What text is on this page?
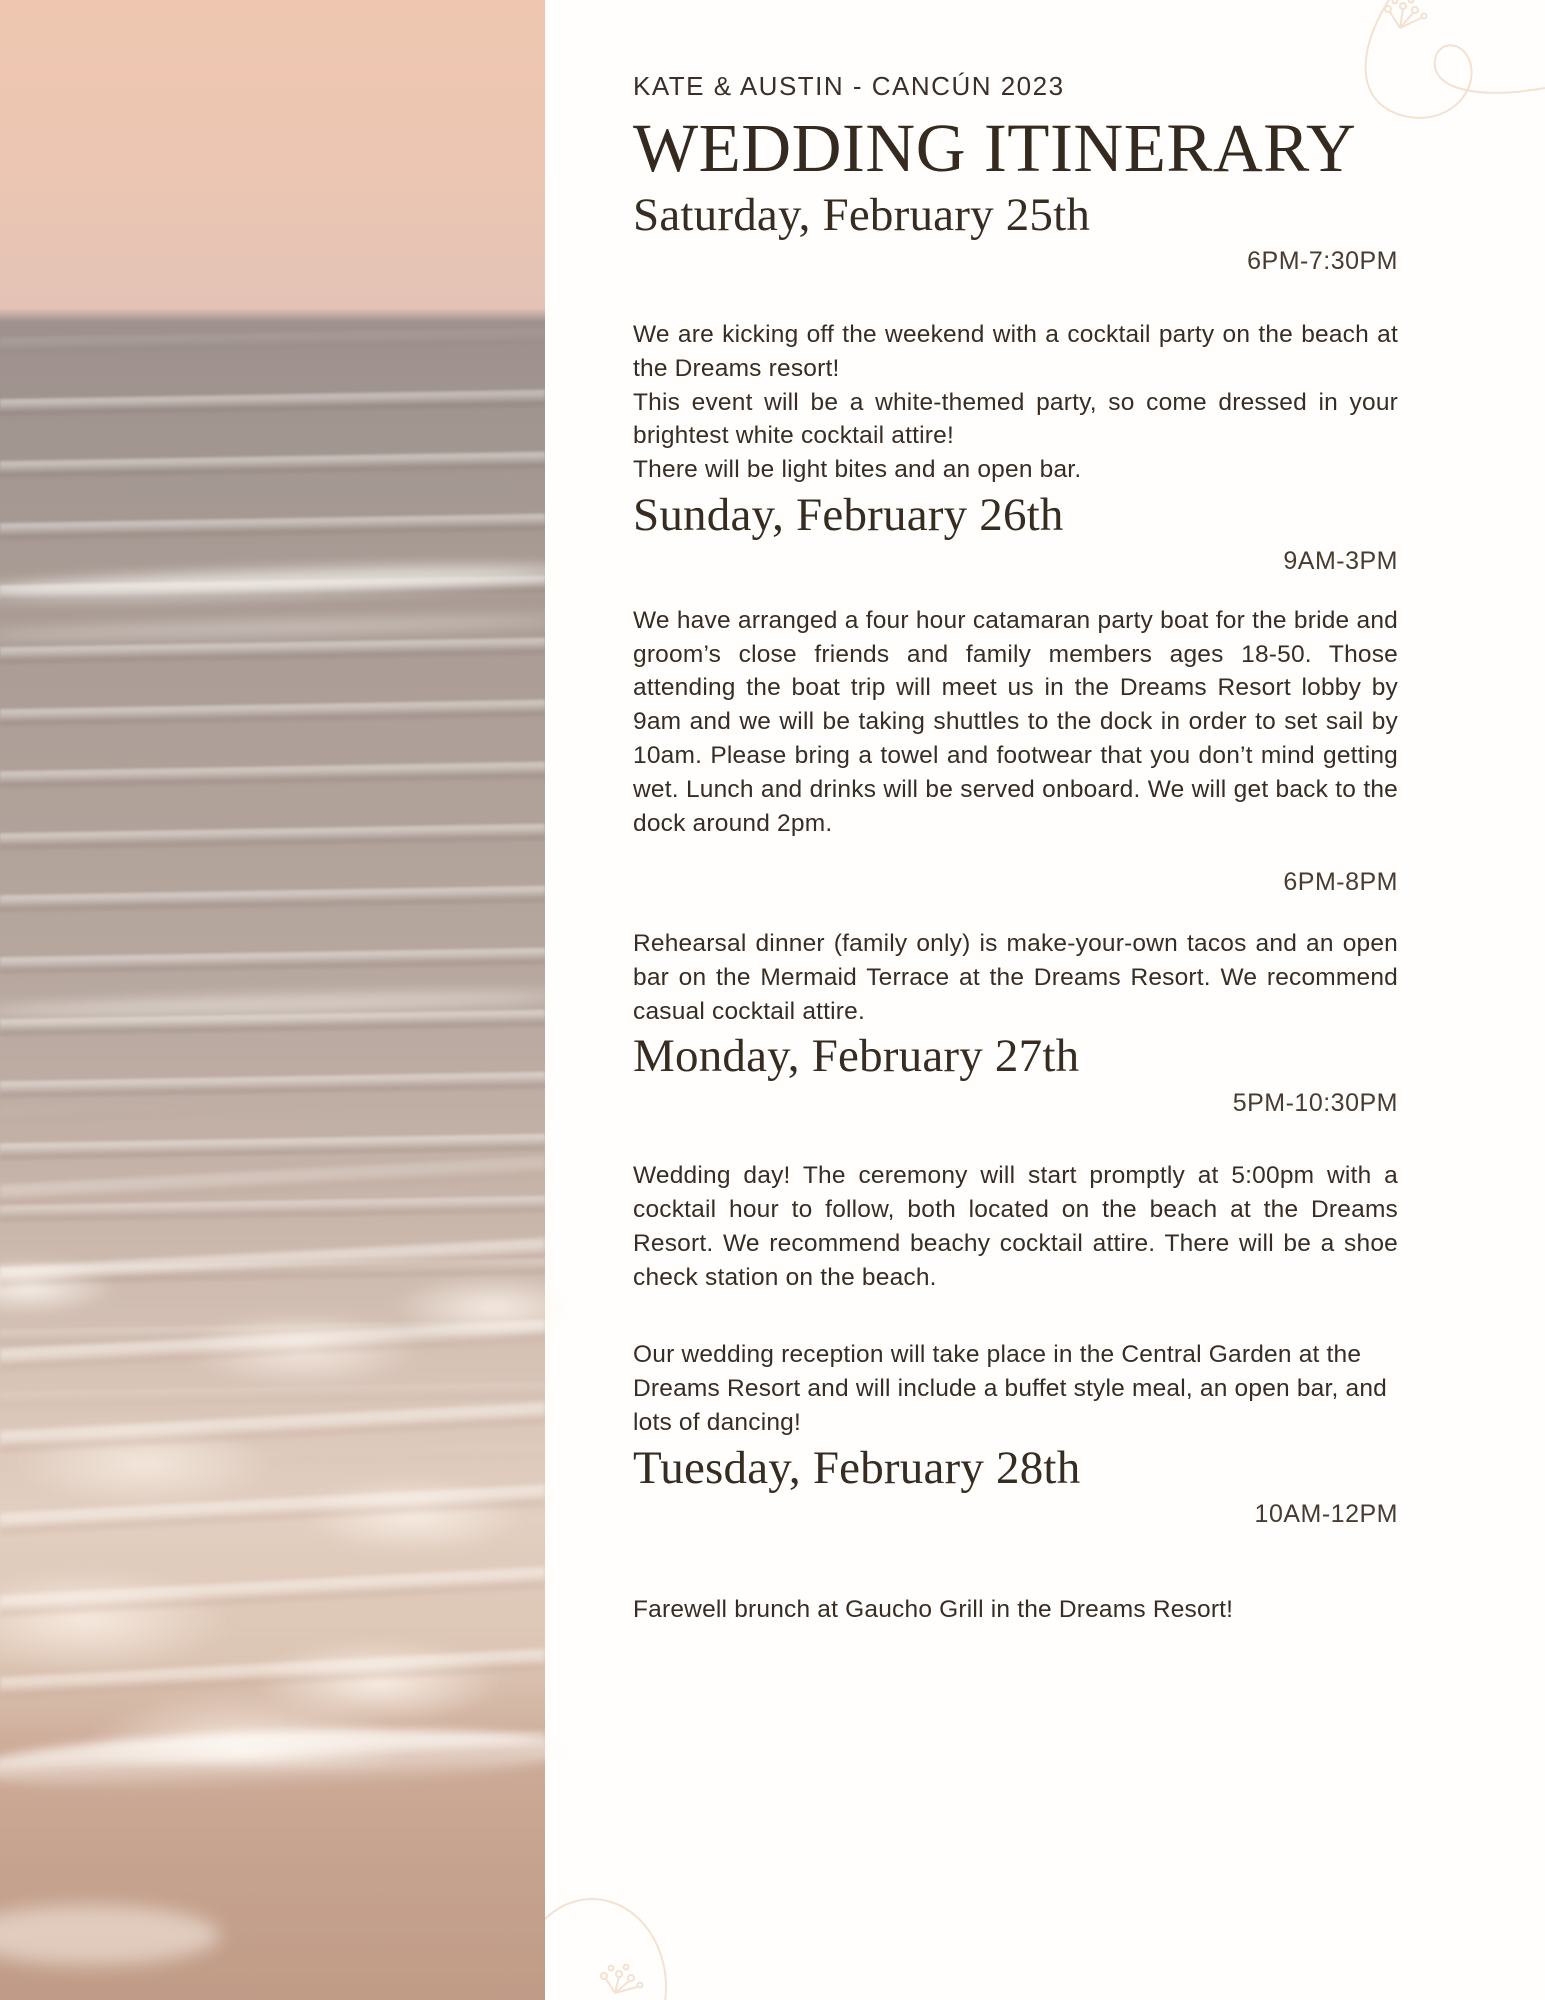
KATE & AUSTIN - CANCÚN 2023
WEDDING ITINERARY
Saturday, February 25th
6PM-7:30PM

We are kicking off the weekend with a cocktail party on the beach at the Dreams resort!

This event will be a white-themed party, so come dressed in your brightest white cocktail attire!

There will be light bites and an open bar.

Sunday, February 26th
9AM-3PM

We have arranged a four hour catamaran party boat for the bride and groom’s close friends and family members ages 18-50. Those attending the boat trip will meet us in the Dreams Resort lobby by 9am and we will be taking shuttles to the dock in order to set sail by 10am. Please bring a towel and footwear that you don’t mind getting wet. Lunch and drinks will be served onboard. We will get back to the dock around 2pm.

6PM-8PM

Rehearsal dinner (family only) is make-your-own tacos and an open bar on the Mermaid Terrace at the Dreams Resort. We recommend casual cocktail attire.

Monday, February 27th
5PM-10:30PM

Wedding day! The ceremony will start promptly at 5:00pm with a cocktail hour to follow, both located on the beach at the Dreams Resort. We recommend beachy cocktail attire. There will be a shoe check station on the beach.

Our wedding reception will take place in the Central Garden at the Dreams Resort and will include a buffet style meal, an open bar, and lots of dancing!

Tuesday, February 28th
10AM-12PM

Farewell brunch at Gaucho Grill in the Dreams Resort!
